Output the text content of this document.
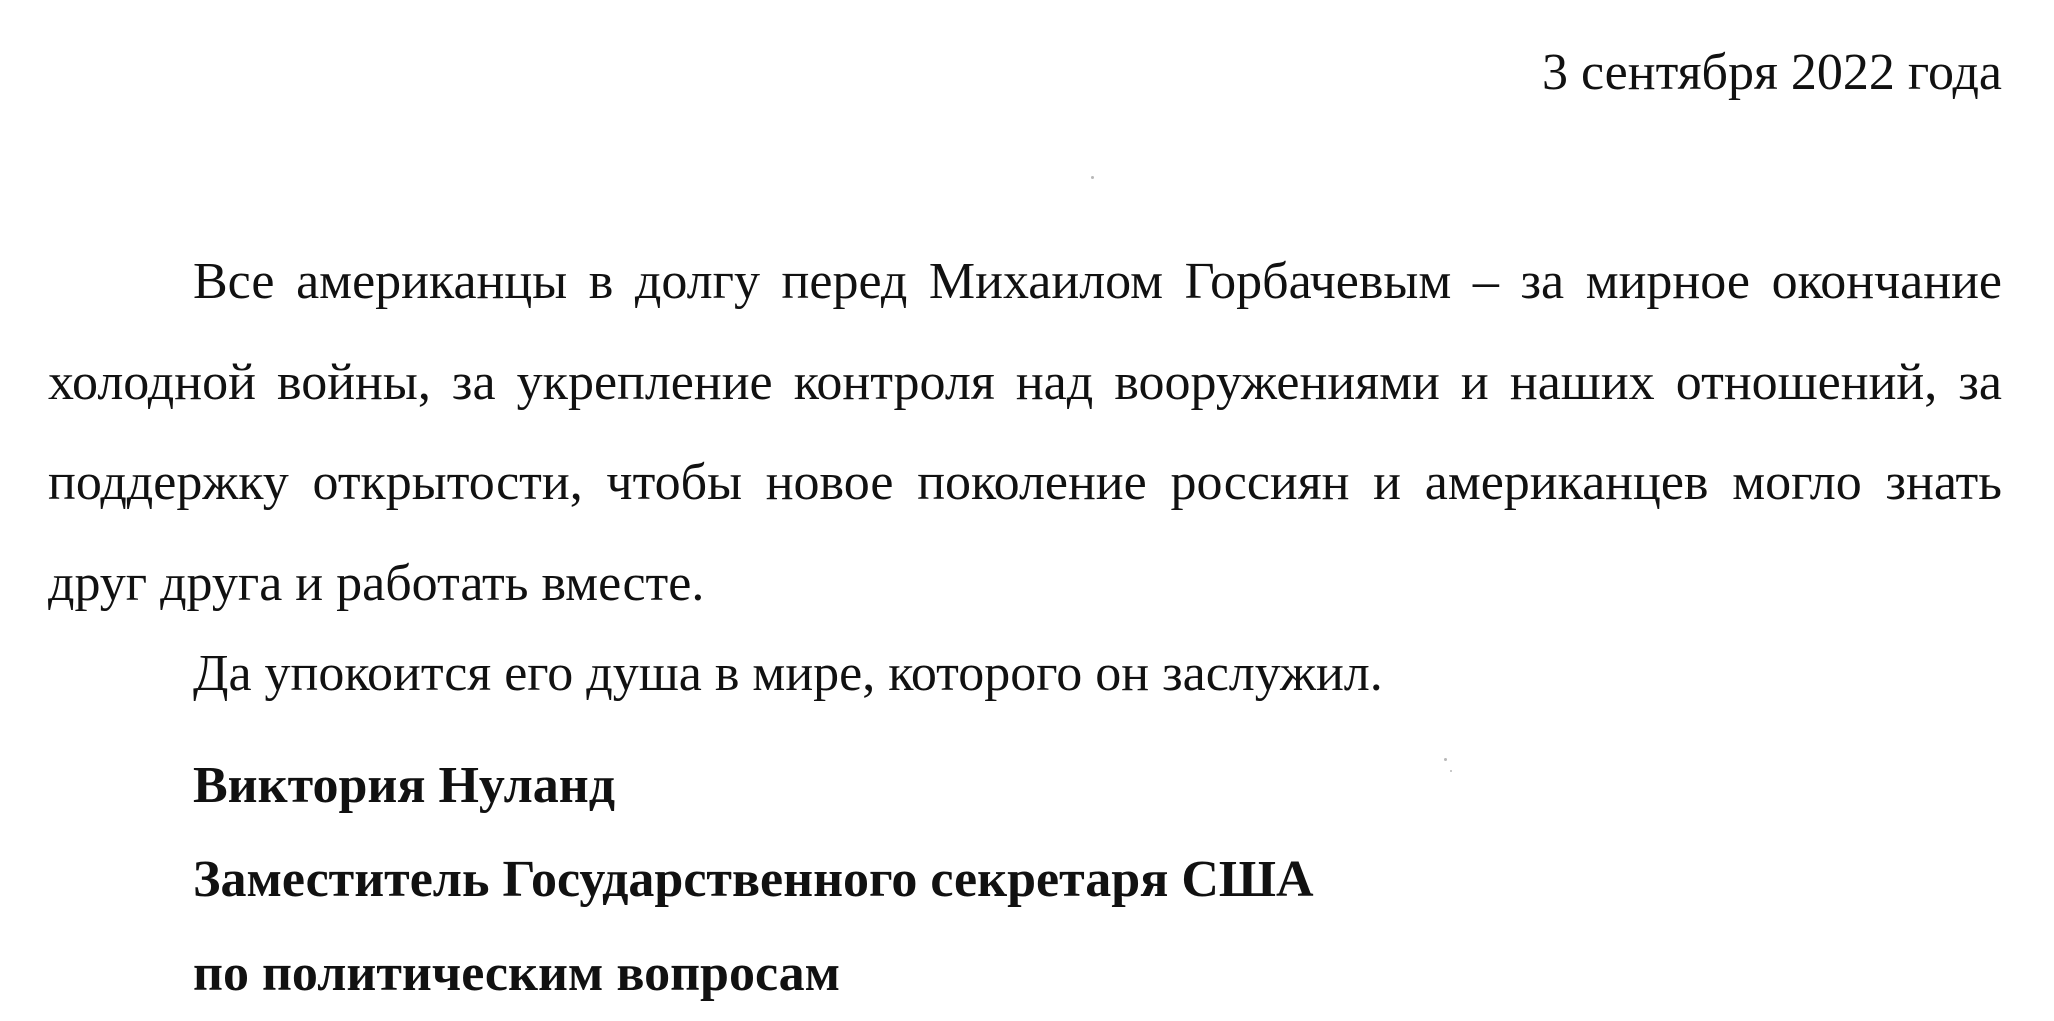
3 сентября 2022 года

Все американцы в долгу перед Михаилом Горбачевым – за мирное окончание холодной войны, за укрепление контроля над вооружениями и наших отношений, за поддержку открытости, чтобы новое поколение россиян и американцев могло знать друг друга и работать вместе.

Да упокоится его душа в мире, которого он заслужил.
Виктория Нуланд
Заместитель Государственного секретаря США
по политическим вопросам
